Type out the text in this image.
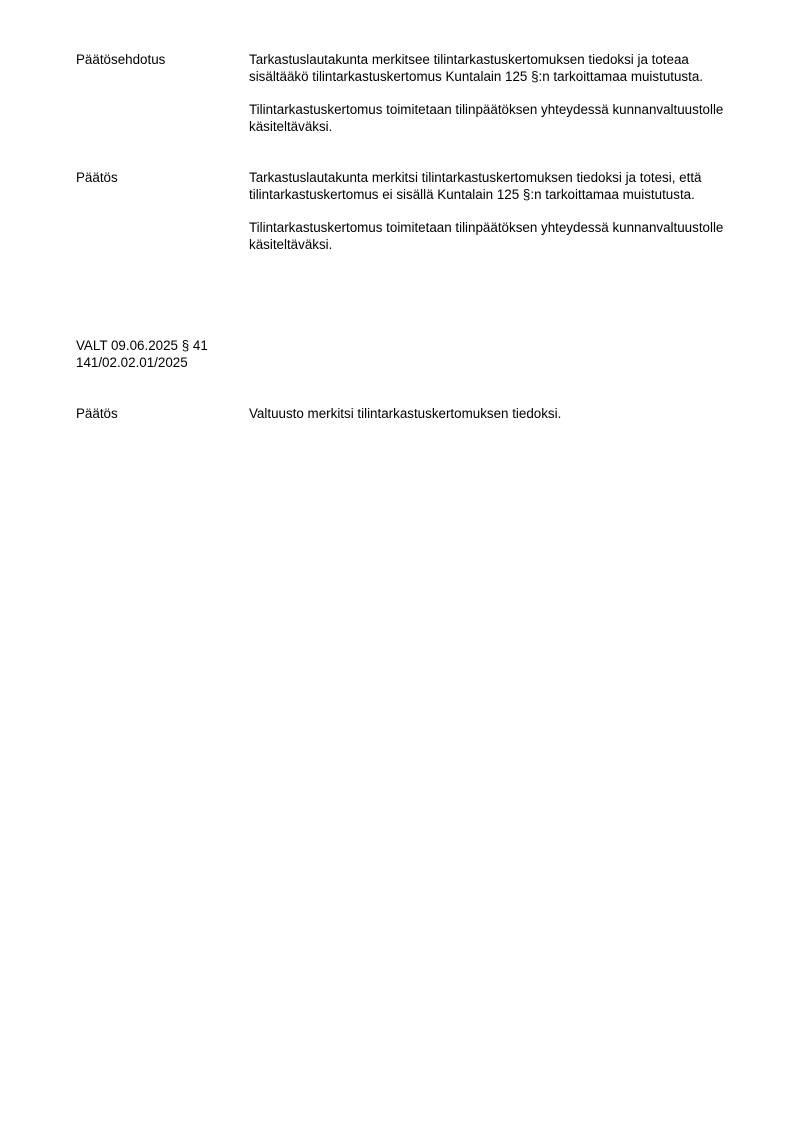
Päätösehdotus	Tarkastuslautakunta merkitsee tilintarkastuskertomuksen tiedoksi ja toteaa sisältääkö tilintarkastuskertomus Kuntalain 125 §:n tarkoittamaa muistutusta.

Tilintarkastuskertomus toimitetaan tilinpäätöksen yhteydessä kunnanvaltuustolle käsiteltäväksi.

Päätös	Tarkastuslautakunta merkitsi tilintarkastuskertomuksen tiedoksi ja totesi, että tilintarkastuskertomus ei sisällä Kuntalain 125 §:n tarkoittamaa muistutusta.

Tilintarkastuskertomus toimitetaan tilinpäätöksen yhteydessä kunnanvaltuustolle käsiteltäväksi.

VALT 09.06.2025 § 41
141/02.02.01/2025
Päätös	Valtuusto merkitsi tilintarkastuskertomuksen tiedoksi.
